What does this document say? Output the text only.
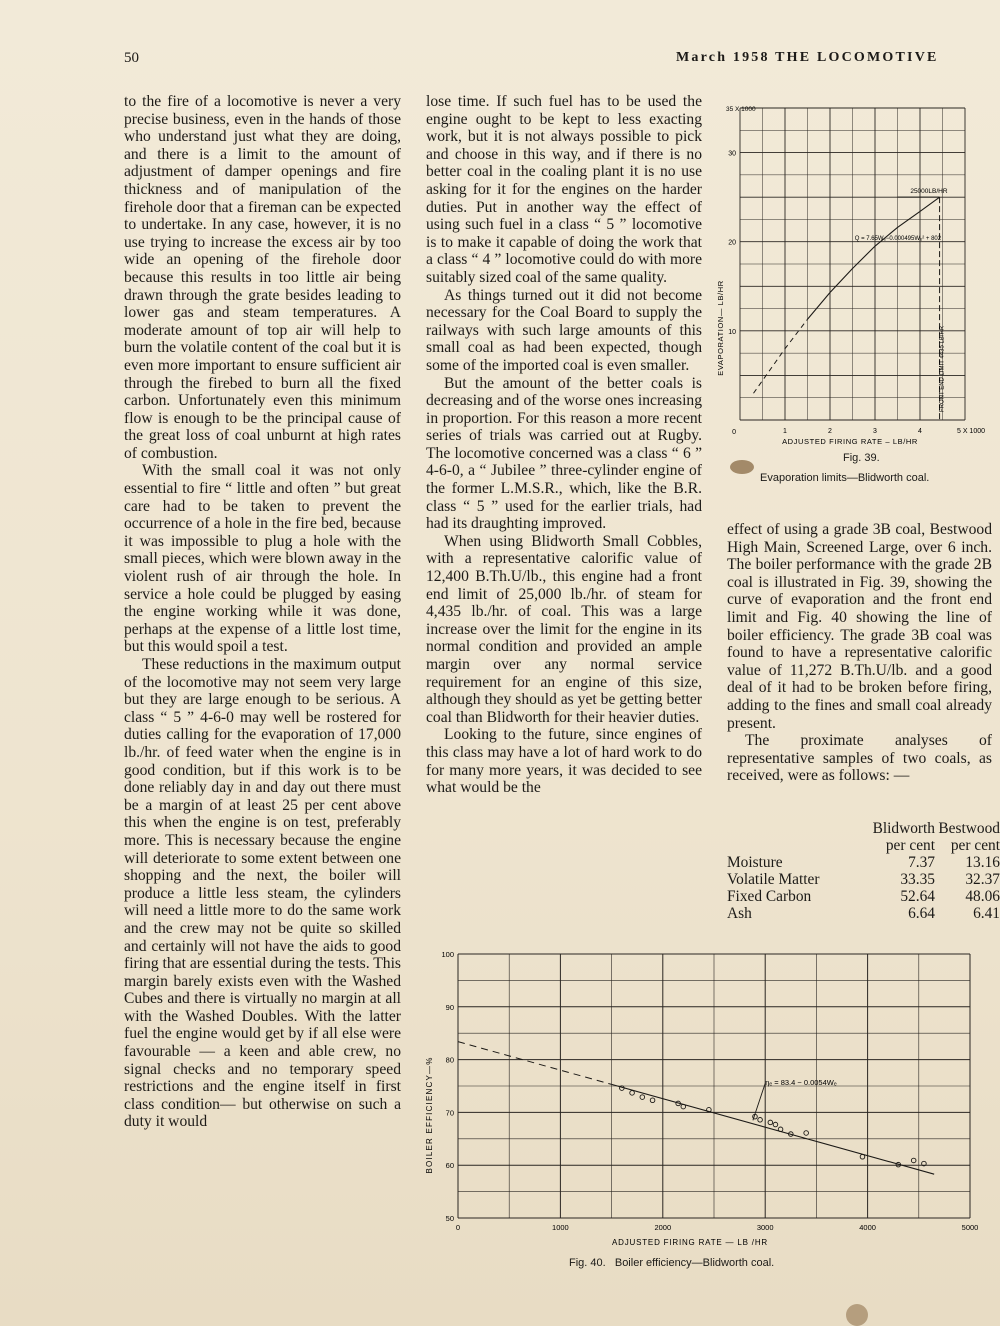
50	March 1958 THE LOCOMOTIVE

to the fire of a locomotive is never a very precise business, even in the hands of those who understand just what they are doing, and there is a limit to the amount of adjustment of damper openings and fire thickness and of manipulation of the firehole door that a fireman can be expected to undertake. In any case, however, it is no use trying to increase the excess air by too wide an opening of the firehole door because this results in too little air being drawn through the grate besides leading to lower gas and steam temperatures. A moderate amount of top air will help to burn the volatile content of the coal but it is even more important to ensure sufficient air through the firebed to burn all the fixed carbon. Unfortunately even this minimum flow is enough to be the principal cause of the great loss of coal unburnt at high rates of combustion.

With the small coal it was not only essential to fire “ little and often ” but great care had to be taken to prevent the occurrence of a hole in the fire bed, because it was impossible to plug a hole with the small pieces, which were blown away in the violent rush of air through the hole. In service a hole could be plugged by easing the engine working while it was done, perhaps at the expense of a little lost time, but this would spoil a test.

These reductions in the maximum output of the locomotive may not seem very large but they are large enough to be serious. A class “ 5 ” 4-6-0 may well be rostered for duties calling for the evaporation of 17,000 lb./hr. of feed water when the engine is in good condition, but if this work is to be done reliably day in and day out there must be a margin of at least 25 per cent above this when the engine is on test, preferably more. This is necessary because the engine will deteriorate to some extent between one shopping and the next, the boiler will produce a little less steam, the cylinders will need a little more to do the same work and the crew may not be quite so skilled and certainly will not have the aids to good firing that are essential during the tests. This margin barely exists even with the Washed Cubes and there is virtually no margin at all with the Washed Doubles. With the latter fuel the engine would get by if all else were favourable — a keen and able crew, no signal checks and no temporary speed restrictions and the engine itself in first class condition— but otherwise on such a duty it would

lose time. If such fuel has to be used the engine ought to be kept to less exacting work, but it is not always possible to pick and choose in this way, and if there is no better coal in the coaling plant it is no use asking for it for the engines on the harder duties. Put in another way the effect of using such fuel in a class “ 5 ” locomotive is to make it capable of doing the work that a class “ 4 ” locomotive could do with more suitably sized coal of the same quality.

As things turned out it did not become necessary for the Coal Board to supply the railways with such large amounts of this small coal as had been expected, though some of the imported coal is even smaller.

But the amount of the better coals is decreasing and of the worse ones increasing in proportion. For this reason a more recent series of trials was carried out at Rugby. The locomotive concerned was a class “ 6 ” 4-6-0, a “ Jubilee ” three-cylinder engine of the former L.M.S.R., which, like the B.R. class “ 5 ” used for the earlier trials, had had its draughting improved.

When using Blidworth Small Cobbles, with a representative calorific value of 12,400 B.Th.U/lb., this engine had a front end limit of 25,000 lb./hr. of steam for 4,435 lb./hr. of coal. This was a large increase over the limit for the engine in its normal condition and provided an ample margin over any normal service requirement for an engine of this size, although they should as yet be getting better coal than Blidworth for their heavier duties.

Looking to the future, since engines of this class may have a lot of hard work to do for many more years, it was decided to see what would be the

effect of using a grade 3B coal, Bestwood High Main, Screened Large, over 6 inch. The boiler performance with the grade 2B coal is illustrated in Fig. 39, showing the curve of evaporation and the front end limit and Fig. 40 showing the line of boiler efficiency. The grade 3B coal was found to have a representative calorific value of 11,272 B.Th.U/lb. and a good deal of it had to be broken before firing, adding to the fines and small coal already present.

The proximate analyses of representative samples of two coals, as received, were as follows: —

	Blidworth	Bestwood
	per cent	per cent
Moisture	7.37	13.16
Volatile Matter	33.35	32.37
Fixed Carbon	52.64	48.06
Ash	6.64	6.41
0
10
20
30
35 X 1000
1	2	3	4	5 X 1000
25000LB/HR
Q = 7.65Wₑ−0.000495Wₑ² + 802
FRONT END LIMIT 4435 LB/HR
EVAPORATION— LB/HR
ADJUSTED FIRING RATE – LB/HR
Fig. 39.
Evaporation limits—Blidworth coal.
50
60
70
80
90
100
0	1000	2000	3000	4000	5000
ηₑ = 83.4 − 0.0054Wₑ
BOILER EFFICIENCY—%
ADJUSTED FIRING RATE — LB /HR
Fig. 40.   Boiler efficiency—Blidworth coal.
